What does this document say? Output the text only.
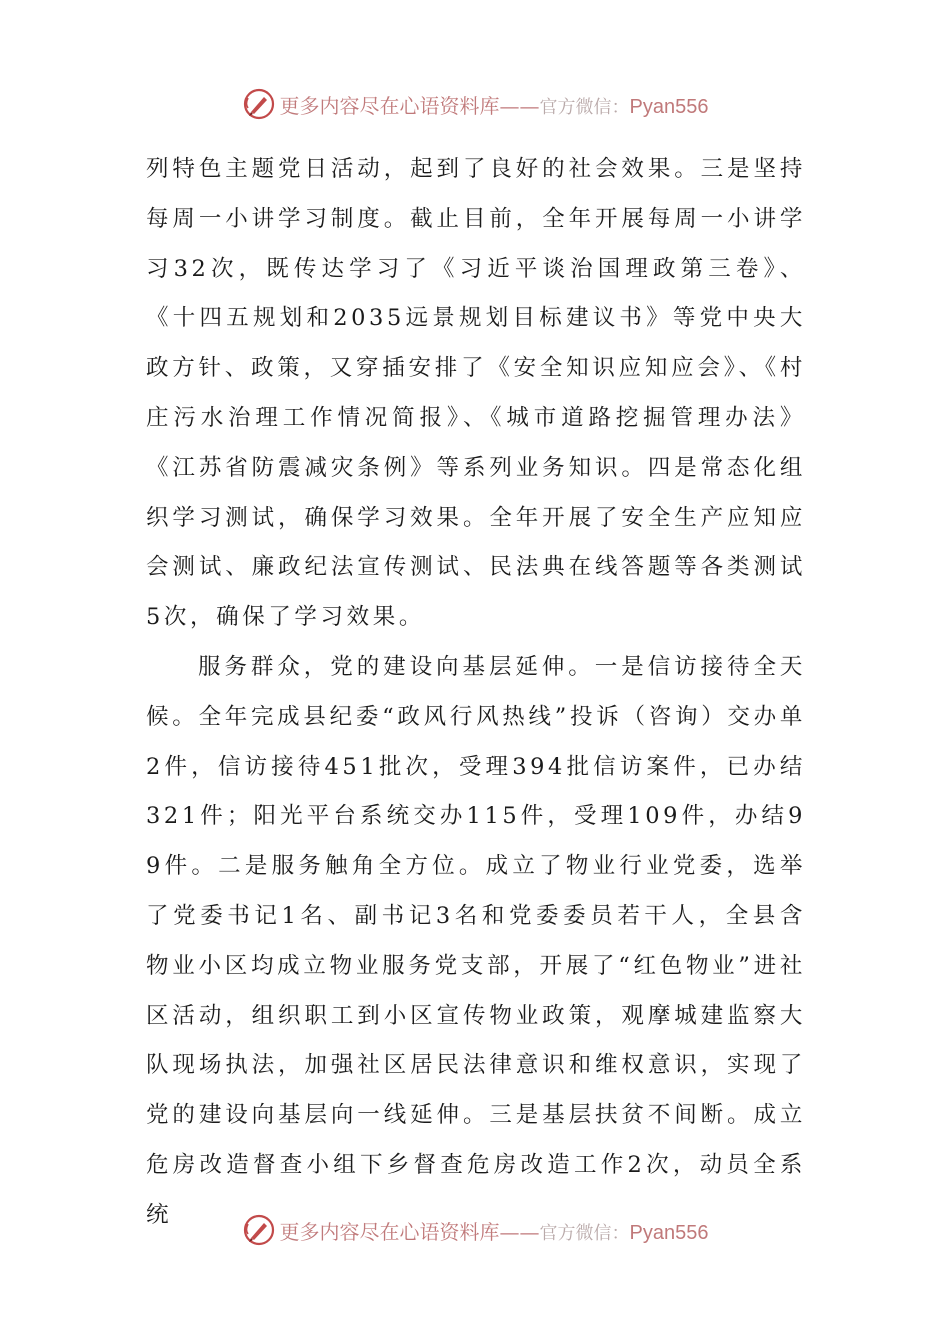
更多内容尽在心语资料库——官方微信：Pyan556

列特色主题党日活动，起到了良好的社会效果。三是坚持每周一小讲学习制度。截止目前，全年开展每周一小讲学习32次，既传达学习了《习近平谈治国理政第三卷》、《十四五规划和2035远景规划目标建议书》等党中央大政方针、政策，又穿插安排了《安全知识应知应会》、《村庄污水治理工作情况简报》、《城市道路挖掘管理办法》《江苏省防震减灾条例》等系列业务知识。四是常态化组织学习测试，确保学习效果。全年开展了安全生产应知应会测试、廉政纪法宣传测试、民法典在线答题等各类测试5次，确保了学习效果。

服务群众，党的建设向基层延伸。一是信访接待全天候。全年完成县纪委“政风行风热线”投诉（咨询）交办单2件，信访接待451批次，受理394批信访案件，已办结321件；阳光平台系统交办115件，受理109件，办结99件。二是服务触角全方位。成立了物业行业党委，选举了党委书记1名、副书记3名和党委委员若干人，全县含物业小区均成立物业服务党支部，开展了“红色物业”进社区活动，组织职工到小区宣传物业政策，观摩城建监察大队现场执法，加强社区居民法律意识和维权意识，实现了党的建设向基层向一线延伸。三是基层扶贫不间断。成立危房改造督查小组下乡督查危房改造工作2次，动员全系统

更多内容尽在心语资料库——官方微信：Pyan556
